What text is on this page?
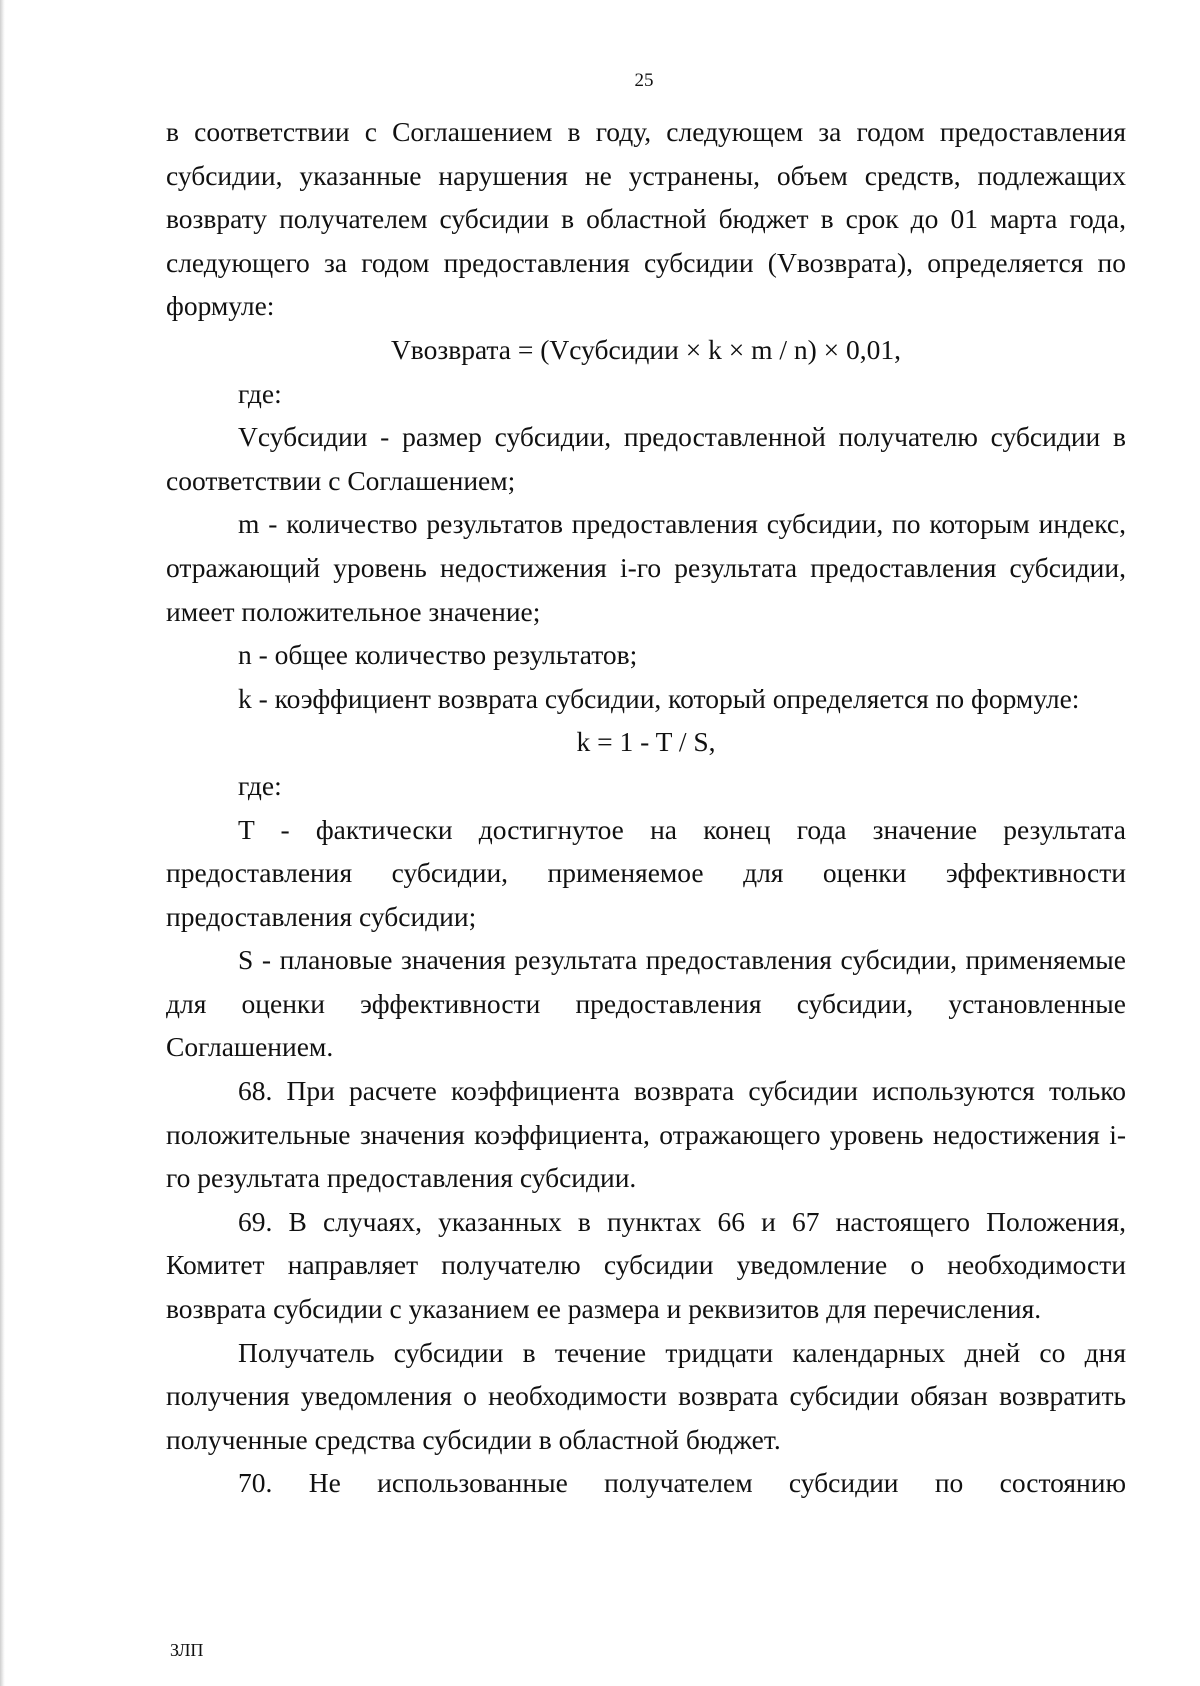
25

в соответствии с Соглашением в году, следующем за годом предоставления субсидии, указанные нарушения не устранены, объем средств, подлежащих возврату получателем субсидии в областной бюджет в срок до 01 марта года, следующего за годом предоставления субсидии (Vвозврата), определяется по формуле:

Vвозврата = (Vсубсидии × k × m / n) × 0,01,

где:

Vсубсидии - размер субсидии, предоставленной получателю субсидии в соответствии с Соглашением;

m - количество результатов предоставления субсидии, по которым индекс, отражающий уровень недостижения i-го результата предоставления субсидии, имеет положительное значение;

n - общее количество результатов;

k - коэффициент возврата субсидии, который определяется по формуле:

k = 1 - T / S,

где:

T - фактически достигнутое на конец года значение результата предоставления субсидии, применяемое для оценки эффективности предоставления субсидии;

S - плановые значения результата предоставления субсидии, применяемые для оценки эффективности предоставления субсидии, установленные Соглашением.

68. При расчете коэффициента возврата субсидии используются только положительные значения коэффициента, отражающего уровень недостижения i-го результата предоставления субсидии.

69. В случаях, указанных в пунктах 66 и 67 настоящего Положения, Комитет направляет получателю субсидии уведомление о необходимости возврата субсидии с указанием ее размера и реквизитов для перечисления.

Получатель субсидии в течение тридцати календарных дней со дня получения уведомления о необходимости возврата субсидии обязан возвратить полученные средства субсидии в областной бюджет.

70. Не использованные получателем субсидии по состоянию

ЗЛП
